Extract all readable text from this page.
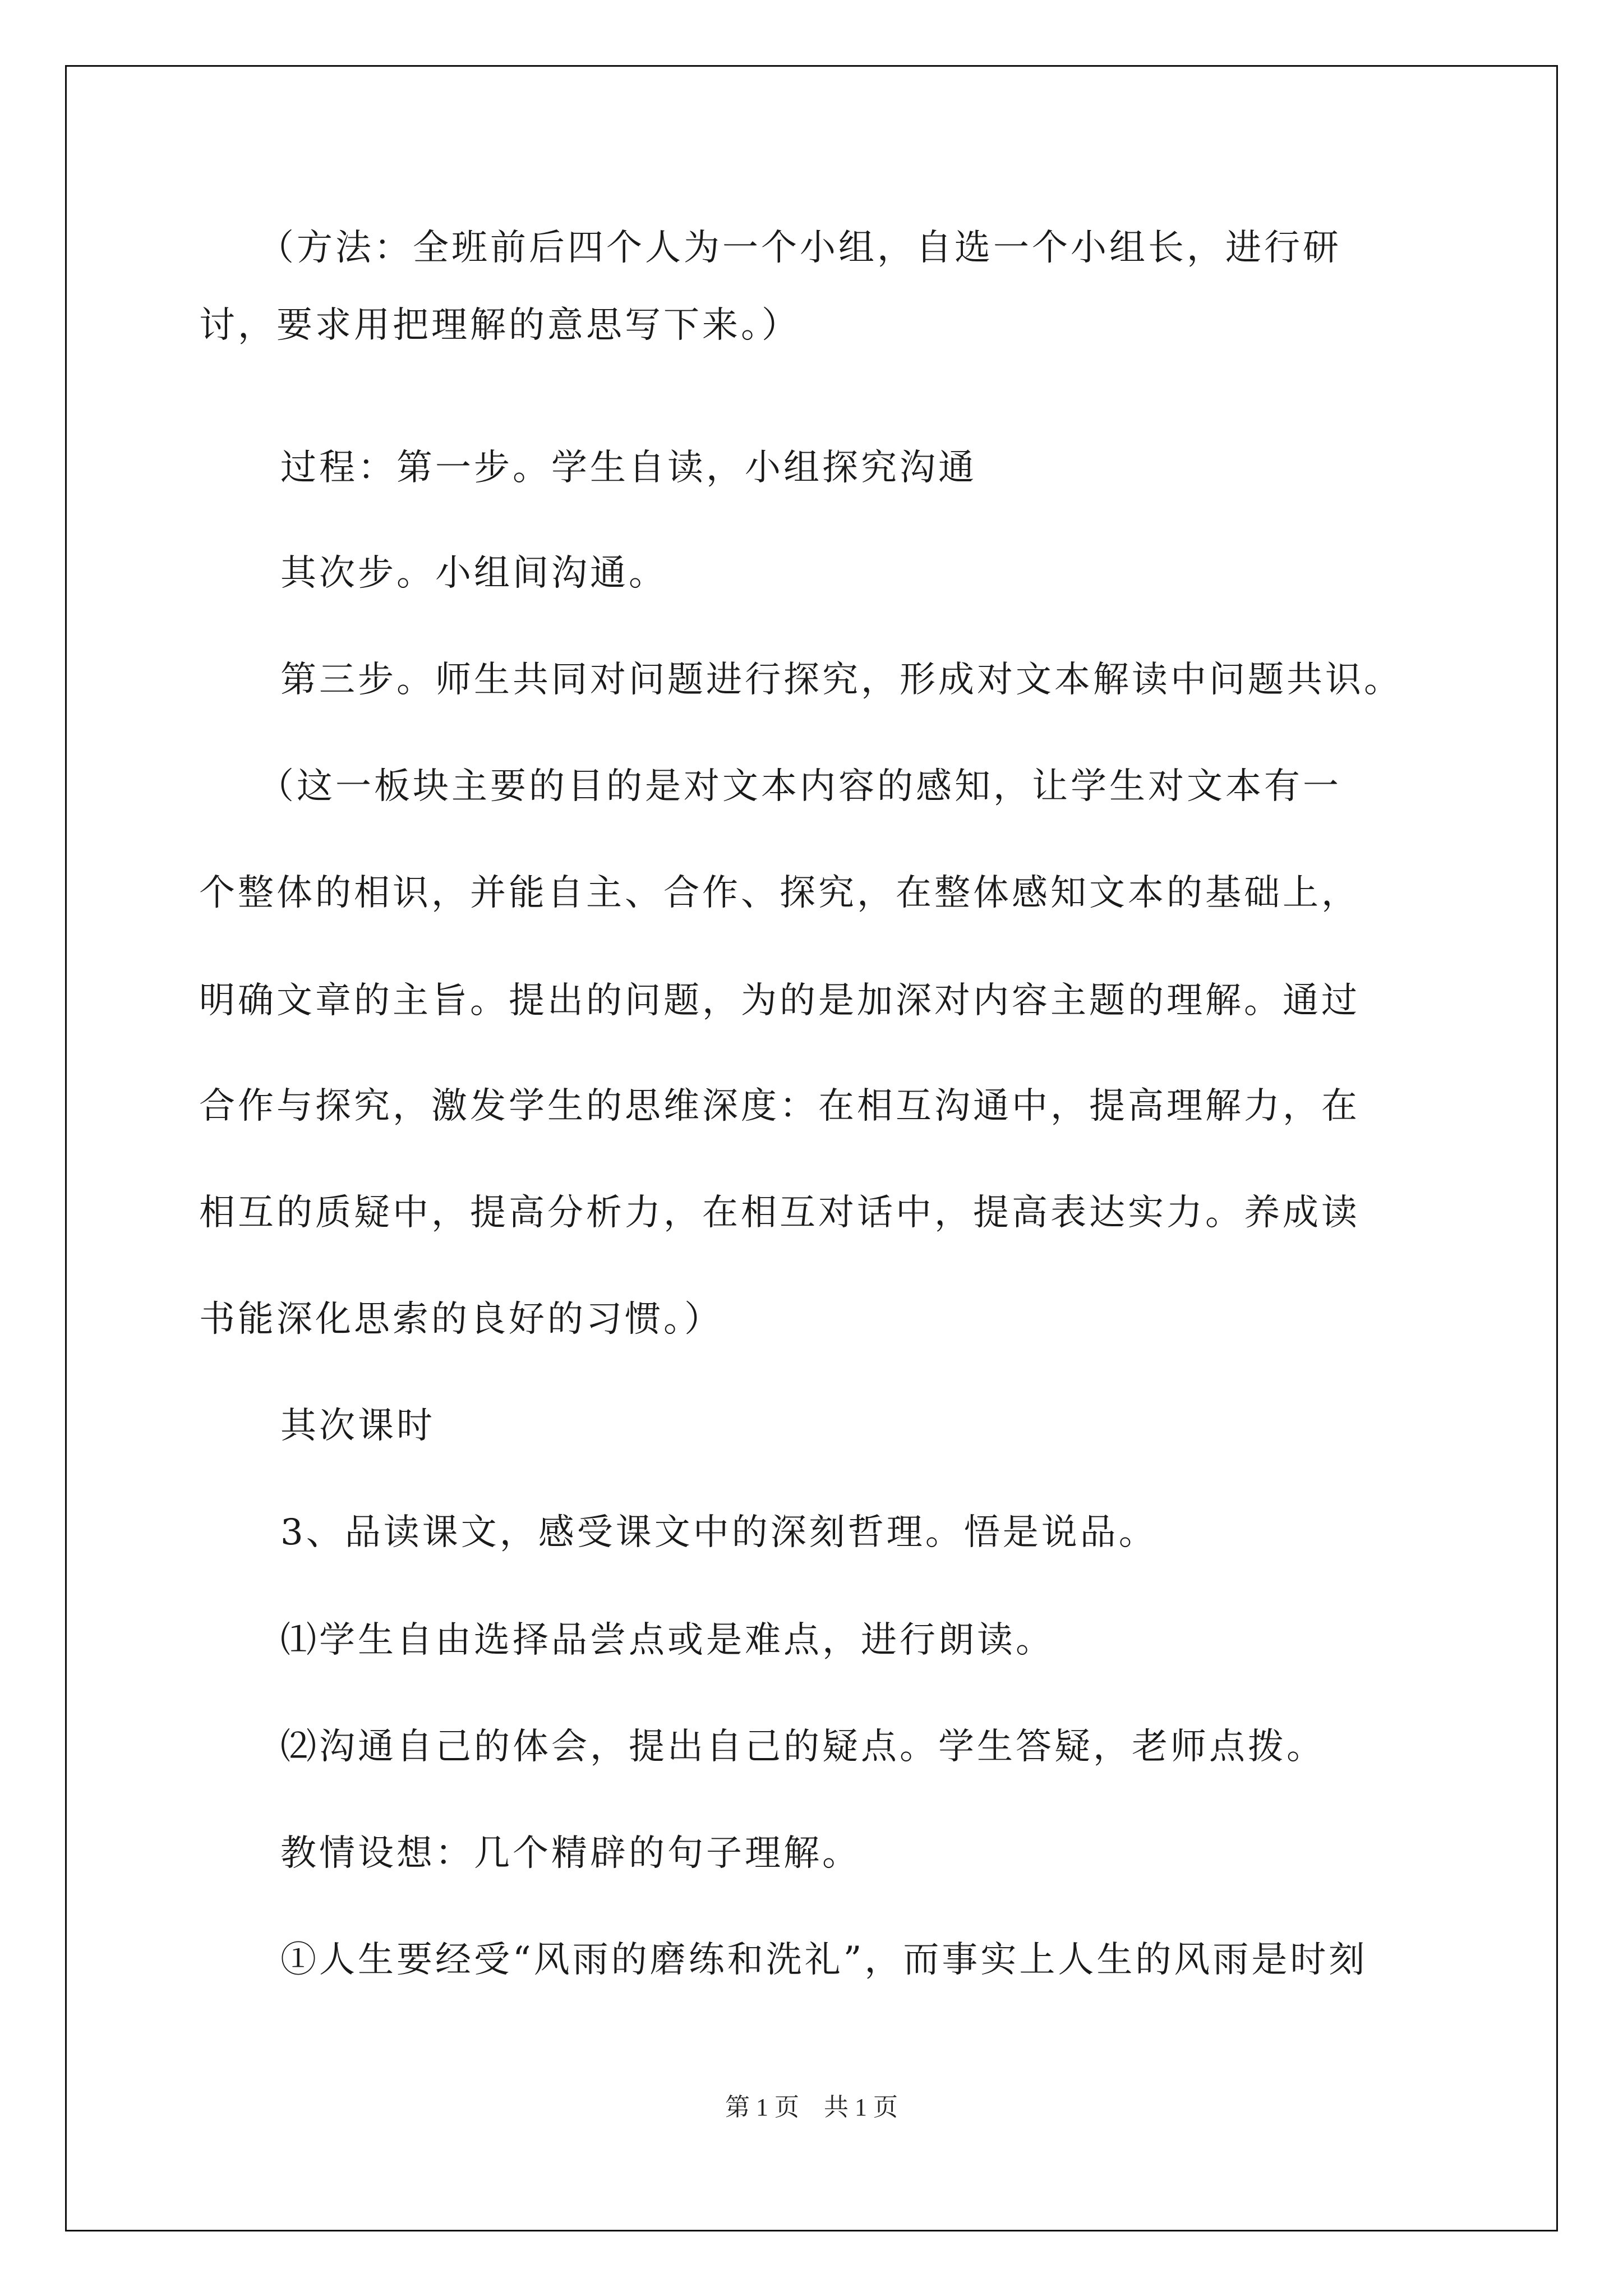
（方法：全班前后四个人为一个小组，自选一个小组长，进行研

讨，要求用把理解的意思写下来。）

过程：第一步。学生自读，小组探究沟通

其次步。小组间沟通。

第三步。师生共同对问题进行探究，形成对文本解读中问题共识。

（这一板块主要的目的是对文本内容的感知，让学生对文本有一

个整体的相识，并能自主、合作、探究，在整体感知文本的基础上，

明确文章的主旨。提出的问题，为的是加深对内容主题的理解。通过

合作与探究，激发学生的思维深度：在相互沟通中，提高理解力，在

相互的质疑中，提高分析力，在相互对话中，提高表达实力。养成读

书能深化思索的良好的习惯。）

其次课时

3、品读课文，感受课文中的深刻哲理。悟是说品。

⑴学生自由选择品尝点或是难点，进行朗读。

⑵沟通自己的体会，提出自己的疑点。学生答疑，老师点拨。

教情设想：几个精辟的句子理解。

①人生要经受“风雨的磨练和洗礼”，而事实上人生的风雨是时刻

第 1 页    共 1 页
